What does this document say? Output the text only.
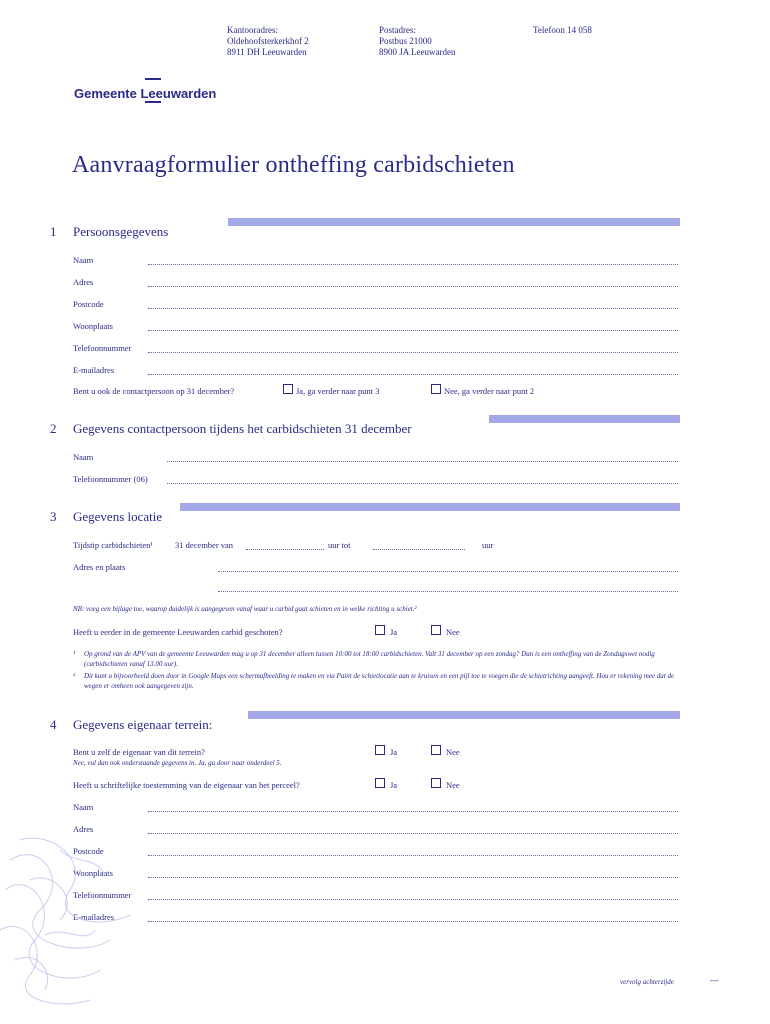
Kantooradres:
Oldehoofsterkerkhof 2
8911 DH Leeuwarden
Postadres:
Postbus 21000
8900 JA Leeuwarden
Telefoon 14 058
Gemeente Leeuwarden
Aanvraagformulier ontheffing carbidschieten
1 Persoonsgegevens
Naam
Adres
Postcode
Woonplaats
Telefoonnummer
E-mailadres
Bent u ook de contactpersoon op 31 december?	Ja, ga verder naar punt 3	Nee, ga verder naar punt 2
2 Gegevens contactpersoon tijdens het carbidschieten 31 december
Naam
Telefoonnummer (06)
3 Gegevens locatie
Tijdstip carbidschieten¹	31 december van	uur tot	uur
Adres en plaats
NB: voeg een bijlage toe, waarop duidelijk is aangegeven vanaf waar u carbid gaat schieten en in welke richting u schiet.²
Heeft u eerder in de gemeente Leeuwarden carbid geschoten?	Ja	Nee
¹ Op grond van de APV van de gemeente Leeuwarden mag u op 31 december alleen tussen 10:00 tot 18:00 carbidschieten. Valt 31 december op een zondag? Dan is een ontheffing van de Zondagswet nodig (carbidschieten vanaf 13.00 uur).
² Dit kunt u bijvoorbeeld doen door in Google Maps een schermafbeelding te maken en via Paint de schietlocatie aan te kruisen en een pijl toe te voegen die de schietrichting aangeeft. Hou er rekening mee dat de wegen er omheen ook aangegeven zijn.
4 Gegevens eigenaar terrein:
Bent u zelf de eigenaar van dit terrein?	Ja	Nee
Nee, vul dan ook onderstaande gegevens in. Ja, ga door naar onderdeel 5.
Heeft u schriftelijke toestemming van de eigenaar van het perceel?	Ja	Nee
Naam
Adres
Postcode
Woonplaats
Telefoonnummer
E-mailadres
vervolg achterzijde	---
